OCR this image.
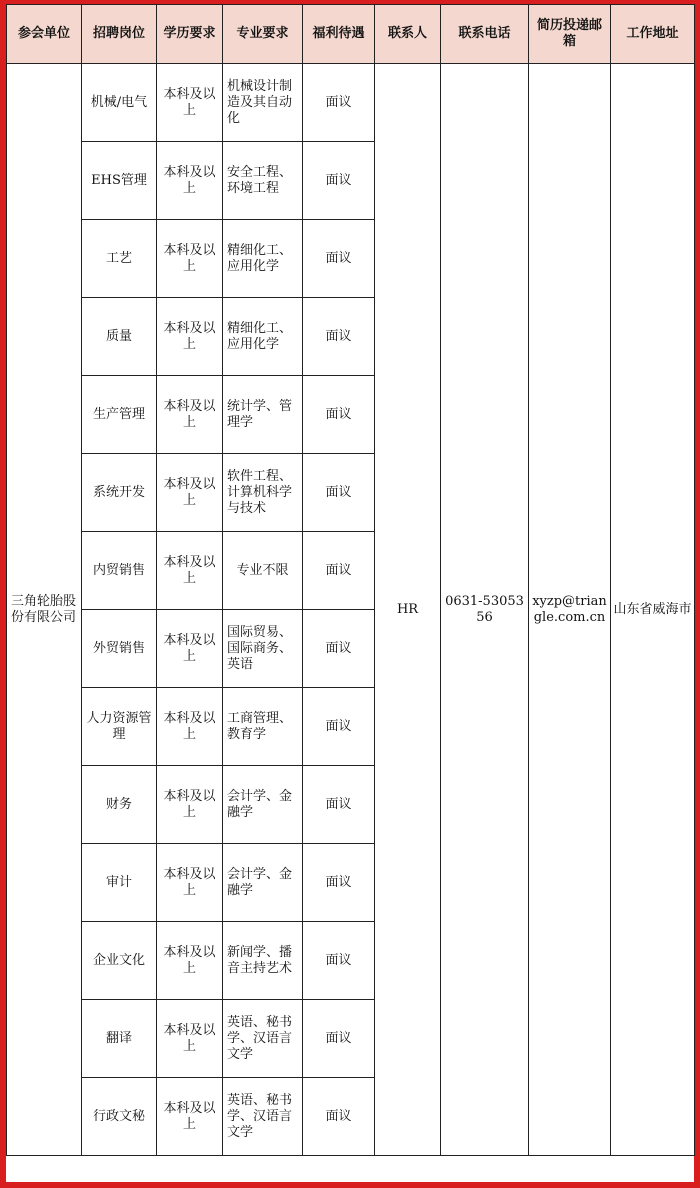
参会单位	招聘岗位	学历要求	专业要求	福利待遇	联系人	联系电话	简历投递邮箱	工作地址
三角轮胎股份有限公司	机械/电气	本科及以上	机械设计制造及其自动化	面议	HR	0631-5305356	xyzp@triangle.com.cn	山东省威海市
	EHS管理	本科及以上	安全工程、环境工程	面议				
	工艺	本科及以上	精细化工、应用化学	面议				
	质量	本科及以上	精细化工、应用化学	面议				
	生产管理	本科及以上	统计学、管理学	面议				
	系统开发	本科及以上	软件工程、计算机科学与技术	面议				
	内贸销售	本科及以上	专业不限	面议				
	外贸销售	本科及以上	国际贸易、国际商务、英语	面议				
	人力资源管理	本科及以上	工商管理、教育学	面议				
	财务	本科及以上	会计学、金融学	面议				
	审计	本科及以上	会计学、金融学	面议				
	企业文化	本科及以上	新闻学、播音主持艺术	面议				
	翻译	本科及以上	英语、秘书学、汉语言文学	面议				
	行政文秘	本科及以上	英语、秘书学、汉语言文学	面议				
